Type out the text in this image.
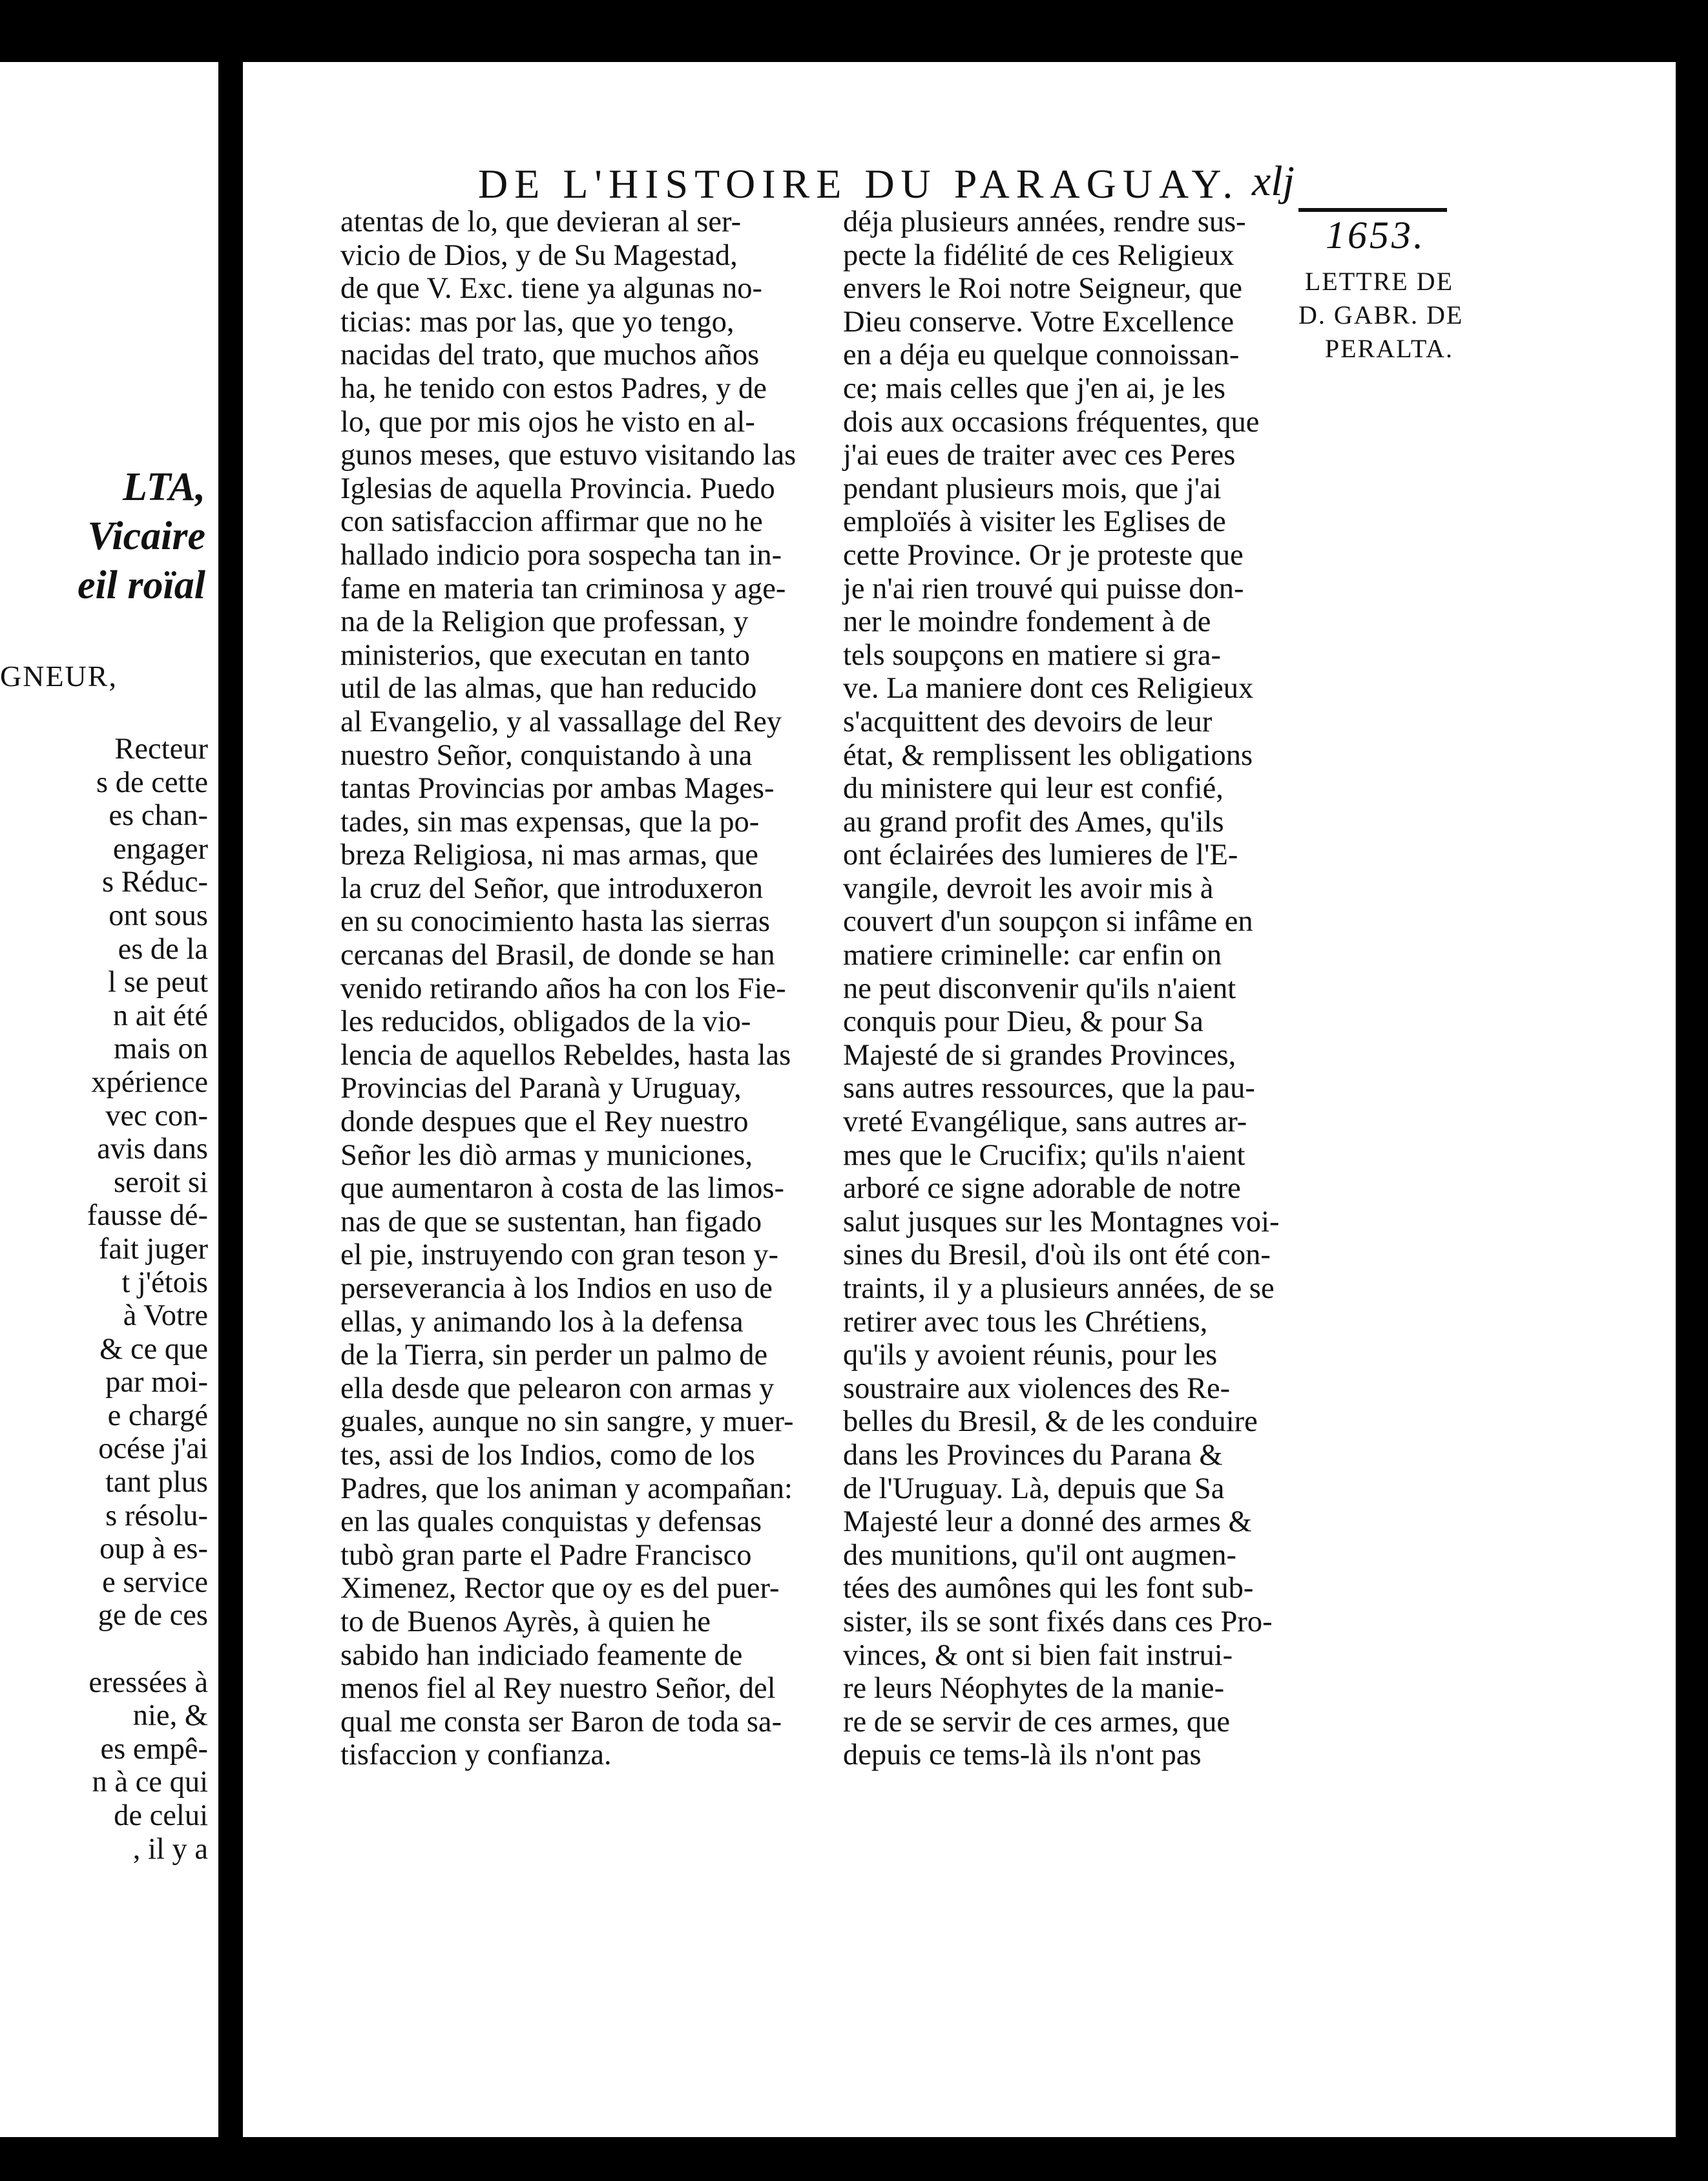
LTA,
Vicaire
eil roïal
GNEUR,
Recteur
s de cette
es chan-
engager
s Réduc-
ont sous
es de la
l se peut
n ait été
mais on
xpérience
vec con-
avis dans
seroit si
fausse dé-
fait juger
t j'étois
à Votre
& ce que
par moi-
e chargé
océse j'ai
tant plus
s résolu-
oup à es-
e service
ge de ces
eressées à
nie, &
es empê-
n à ce qui
de celui
, il y a
DE L'HISTOIRE DU PARAGUAY. xlj
1653.
LETTRE DE
D. GABR. DE
PERALTA.
atentas de lo, que devieran al ser-
vicio de Dios, y de Su Magestad,
de que V. Exc. tiene ya algunas no-
ticias: mas por las, que yo tengo,
nacidas del trato, que muchos años
ha, he tenido con estos Padres, y de
lo, que por mis ojos he visto en al-
gunos meses, que estuvo visitando las
Iglesias de aquella Provincia. Puedo
con satisfaccion affirmar que no he
hallado indicio pora sospecha tan in-
fame en materia tan criminosa y age-
na de la Religion que professan, y
ministerios, que executan en tanto
util de las almas, que han reducido
al Evangelio, y al vassallage del Rey
nuestro Señor, conquistando à una
tantas Provincias por ambas Mages-
tades, sin mas expensas, que la po-
breza Religiosa, ni mas armas, que
la cruz del Señor, que introduxeron
en su conocimiento hasta las sierras
cercanas del Brasil, de donde se han
venido retirando años ha con los Fie-
les reducidos, obligados de la vio-
lencia de aquellos Rebeldes, hasta las
Provincias del Paranà y Uruguay,
donde despues que el Rey nuestro
Señor les diò armas y municiones,
que aumentaron à costa de las limos-
nas de que se sustentan, han figado
el pie, instruyendo con gran teson y-
perseverancia à los Indios en uso de
ellas, y animando los à la defensa
de la Tierra, sin perder un palmo de
ella desde que pelearon con armas y
guales, aunque no sin sangre, y muer-
tes, assi de los Indios, como de los
Padres, que los animan y acompañan:
en las quales conquistas y defensas
tubò gran parte el Padre Francisco
Ximenez, Rector que oy es del puer-
to de Buenos Ayrès, à quien he
sabido han indiciado feamente de
menos fiel al Rey nuestro Señor, del
qual me consta ser Baron de toda sa-
tisfaccion y confianza.
déja plusieurs années, rendre sus-
pecte la fidélité de ces Religieux
envers le Roi notre Seigneur, que
Dieu conserve. Votre Excellence
en a déja eu quelque connoissan-
ce; mais celles que j'en ai, je les
dois aux occasions fréquentes, que
j'ai eues de traiter avec ces Peres
pendant plusieurs mois, que j'ai
emploïés à visiter les Eglises de
cette Province. Or je proteste que
je n'ai rien trouvé qui puisse don-
ner le moindre fondement à de
tels soupçons en matiere si gra-
ve. La maniere dont ces Religieux
s'acquittent des devoirs de leur
état, & remplissent les obligations
du ministere qui leur est confié,
au grand profit des Ames, qu'ils
ont éclairées des lumieres de l'E-
vangile, devroit les avoir mis à
couvert d'un soupçon si infâme en
matiere criminelle: car enfin on
ne peut disconvenir qu'ils n'aient
conquis pour Dieu, & pour Sa
Majesté de si grandes Provinces,
sans autres ressources, que la pau-
vreté Evangélique, sans autres ar-
mes que le Crucifix; qu'ils n'aient
arboré ce signe adorable de notre
salut jusques sur les Montagnes voi-
sines du Bresil, d'où ils ont été con-
traints, il y a plusieurs années, de se
retirer avec tous les Chrétiens,
qu'ils y avoient réunis, pour les
soustraire aux violences des Re-
belles du Bresil, & de les conduire
dans les Provinces du Parana &
de l'Uruguay. Là, depuis que Sa
Majesté leur a donné des armes &
des munitions, qu'il ont augmen-
tées des aumônes qui les font sub-
sister, ils se sont fixés dans ces Pro-
vinces, & ont si bien fait instrui-
re leurs Néophytes de la manie-
re de se servir de ces armes, que
depuis ce tems-là ils n'ont pas
